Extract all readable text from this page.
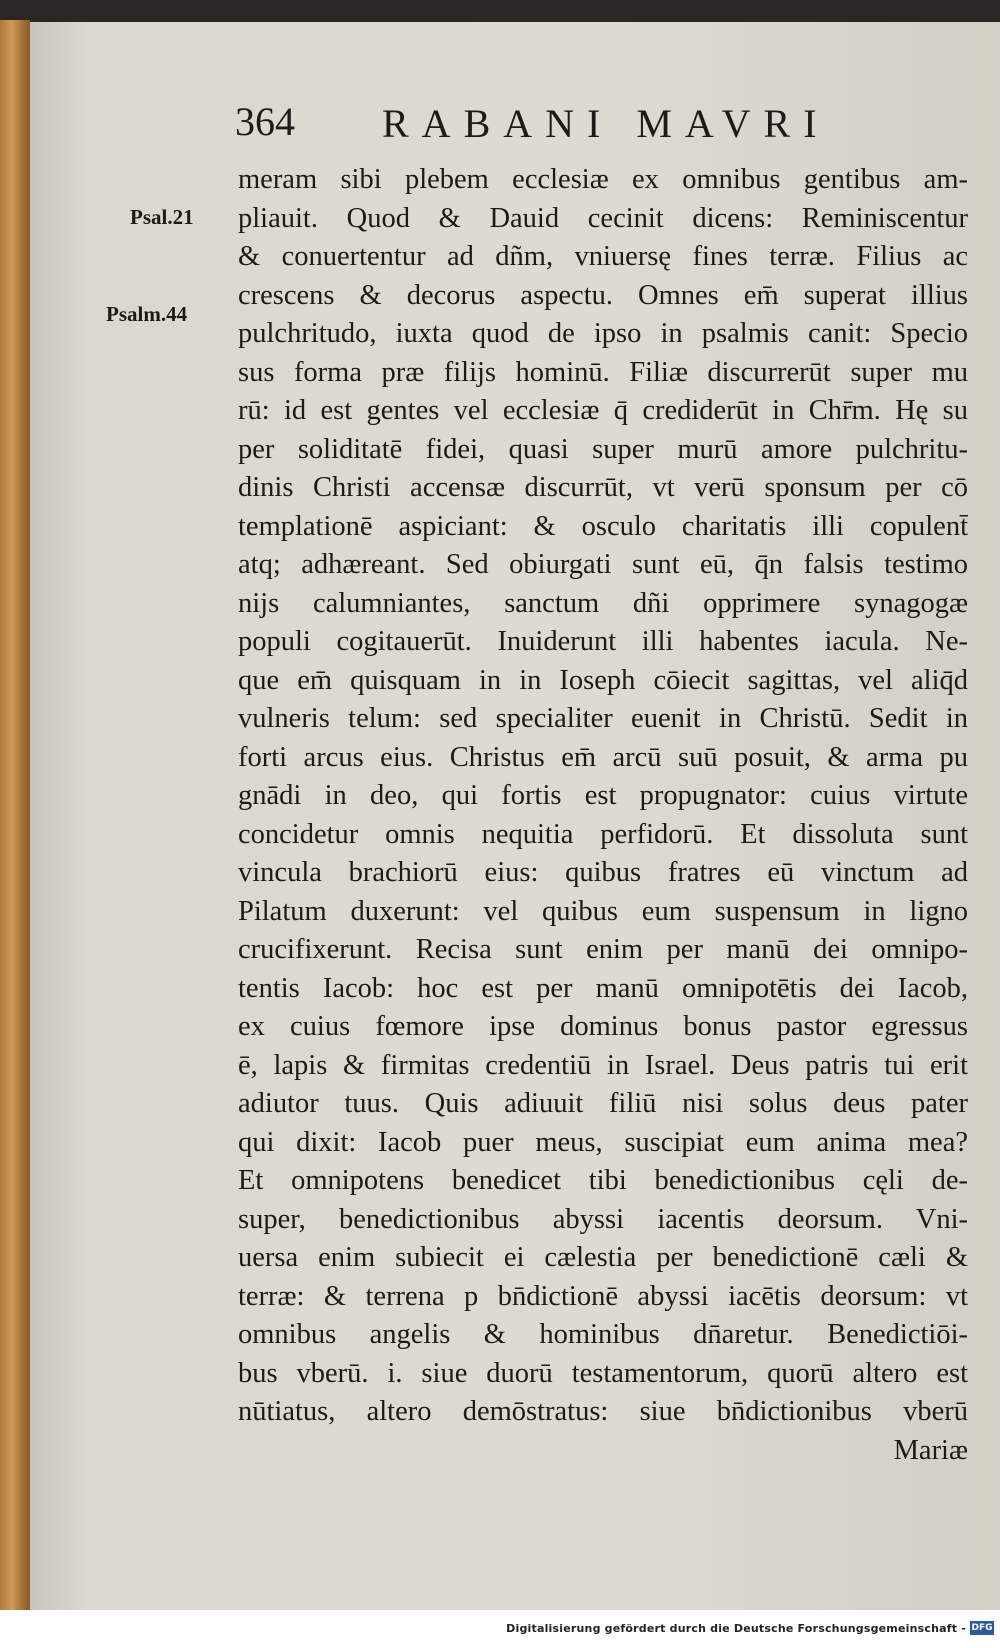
364 RABANI MAVRI
Psal.21
Psalm.44
meram sibi plebem ecclesiæ ex omnibus gentibus am-
pliauit. Quod & Dauid cecinit dicens: Reminiscentur
& conuertentur ad dñm, vniuersę fines terræ. Filius ac
crescens & decorus aspectu. Omnes em̄ superat illius
pulchritudo, iuxta quod de ipso in psalmis canit: Specio
sus forma præ filijs hominū. Filiæ discurrerūt super mu
rū: id est gentes vel ecclesiæ q̄ crediderūt in Chr̄m. Hę su
per soliditatē fidei, quasi super murū amore pulchritu-
dinis Christi accensæ discurrūt, vt verū sponsum per cō
templationē aspiciant: & osculo charitatis illi copulent̄
atq; adhæreant. Sed obiurgati sunt eū, q̄n falsis testimo
nijs calumniantes, sanctum dñi opprimere synagogæ
populi cogitauerūt. Inuiderunt illi habentes iacula. Ne-
que em̄ quisquam in in Ioseph cōiecit sagittas, vel aliq̄d
vulneris telum: sed specialiter euenit in Christū. Sedit in
forti arcus eius. Christus em̄ arcū suū posuit, & arma pu
gnādi in deo, qui fortis est propugnator: cuius virtute
concidetur omnis nequitia perfidorū. Et dissoluta sunt
vincula brachiorū eius: quibus fratres eū vinctum ad
Pilatum duxerunt: vel quibus eum suspensum in ligno
crucifixerunt. Recisa sunt enim per manū dei omnipo-
tentis Iacob: hoc est per manū omnipotētis dei Iacob,
ex cuius fœmore ipse dominus bonus pastor egressus
ē, lapis & firmitas credentiū in Israel. Deus patris tui erit
adiutor tuus. Quis adiuuit filiū nisi solus deus pater
qui dixit: Iacob puer meus, suscipiat eum anima mea?
Et omnipotens benedicet tibi benedictionibus cęli de-
super, benedictionibus abyssi iacentis deorsum. Vni-
uersa enim subiecit ei cælestia per benedictionē cæli &
terræ: & terrena p bn̄dictionē abyssi iacētis deorsum: vt
omnibus angelis & hominibus dn̄aretur. Benedictiōi-
bus vberū. i. siue duorū testamentorum, quorū altero est
nūtiatus, altero demōstratus: siue bn̄dictionibus vberū
Mariæ
Digitalisierung gefördert durch die Deutsche Forschungsgemeinschaft - DFG
